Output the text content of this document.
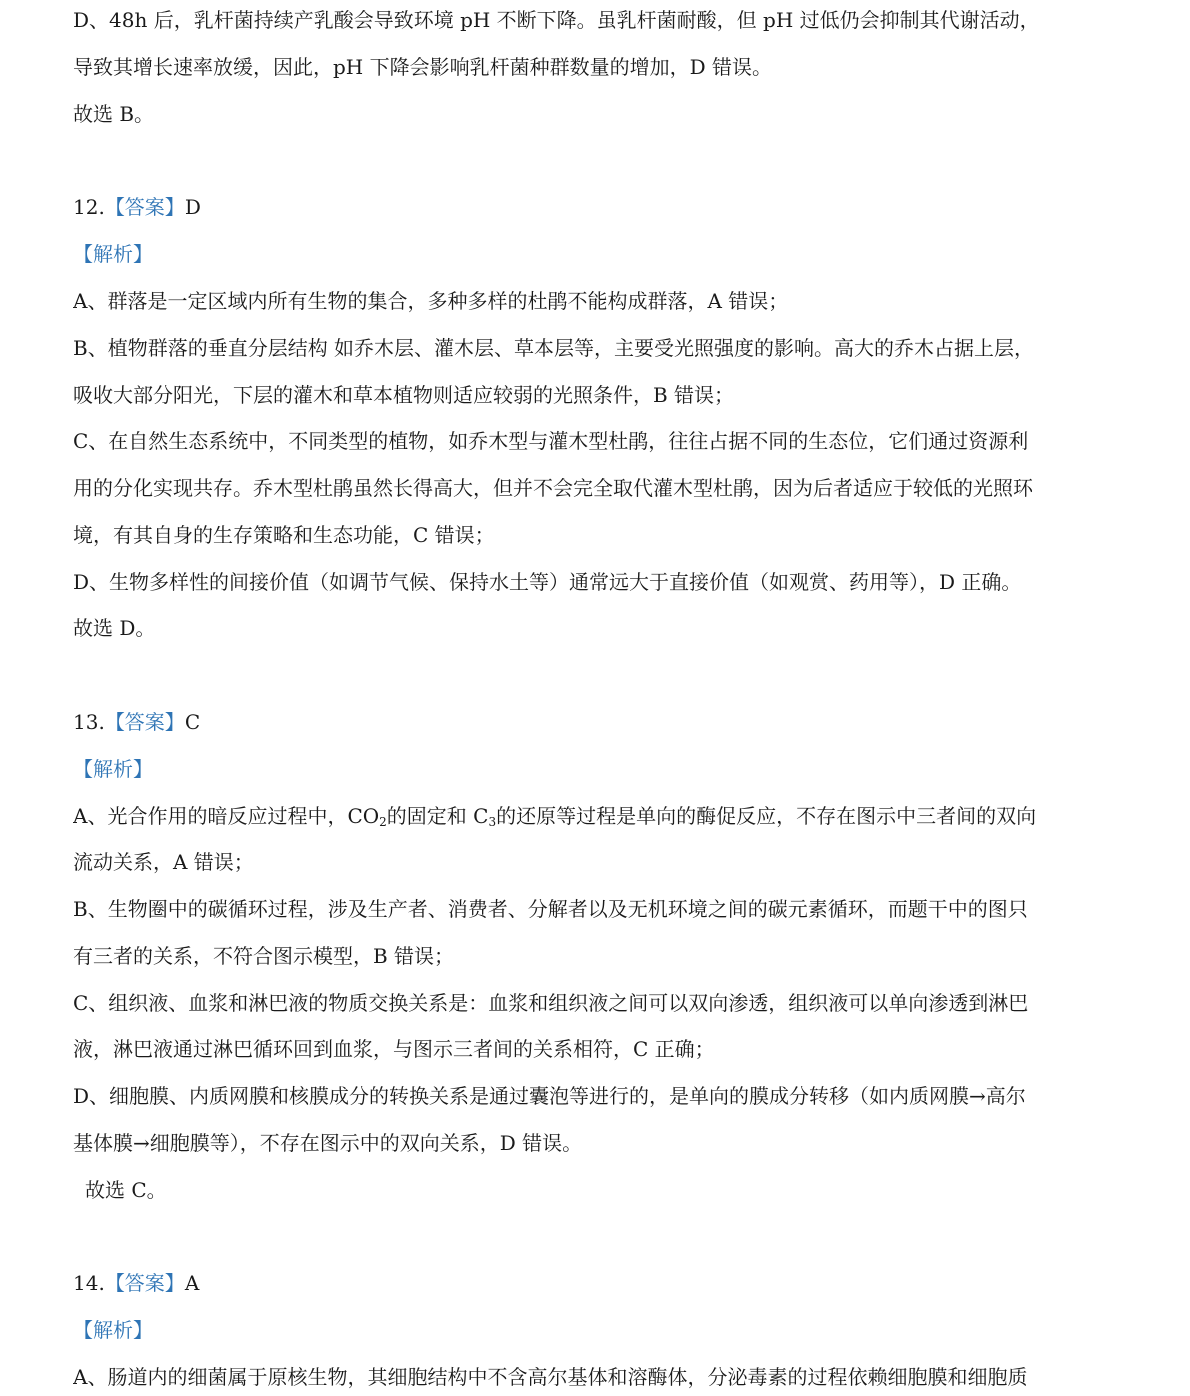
D、48h 后，乳杆菌持续产乳酸会导致环境 pH 不断下降。虽乳杆菌耐酸，但 pH 过低仍会抑制其代谢活动，
导致其增长速率放缓，因此，pH 下降会影响乳杆菌种群数量的增加，D 错误。
故选 B。
12.【答案】D
【解析】
A、群落是一定区域内所有生物的集合，多种多样的杜鹃不能构成群落，A 错误；
B、植物群落的垂直分层结构 如乔木层、灌木层、草本层等，主要受光照强度的影响。高大的乔木占据上层，
吸收大部分阳光，下层的灌木和草本植物则适应较弱的光照条件，B 错误；
C、在自然生态系统中，不同类型的植物，如乔木型与灌木型杜鹃，往往占据不同的生态位，它们通过资源利
用的分化实现共存。乔木型杜鹃虽然长得高大，但并不会完全取代灌木型杜鹃，因为后者适应于较低的光照环
境，有其自身的生存策略和生态功能，C 错误；
D、生物多样性的间接价值（如调节气候、保持水土等）通常远大于直接价值（如观赏、药用等），D 正确。
故选 D。
13.【答案】C
【解析】
A、光合作用的暗反应过程中，$CO_2$的固定和 $C_3$的还原等过程是单向的酶促反应，不存在图示中三者间的双向
流动关系，A 错误；
B、生物圈中的碳循环过程，涉及生产者、消费者、分解者以及无机环境之间的碳元素循环，而题干中的图只
有三者的关系，不符合图示模型，B 错误；
C、组织液、血浆和淋巴液的物质交换关系是：血浆和组织液之间可以双向渗透，组织液可以单向渗透到淋巴
液，淋巴液通过淋巴循环回到血浆，与图示三者间的关系相符，C 正确；
D、细胞膜、内质网膜和核膜成分的转换关系是通过囊泡等进行的，是单向的膜成分转移（如内质网膜→高尔
基体膜→细胞膜等），不存在图示中的双向关系，D 错误。
故选 C。
14.【答案】A
【解析】
A、肠道内的细菌属于原核生物，其细胞结构中不含高尔基体和溶酶体，分泌毒素的过程依赖细胞膜和细胞质
